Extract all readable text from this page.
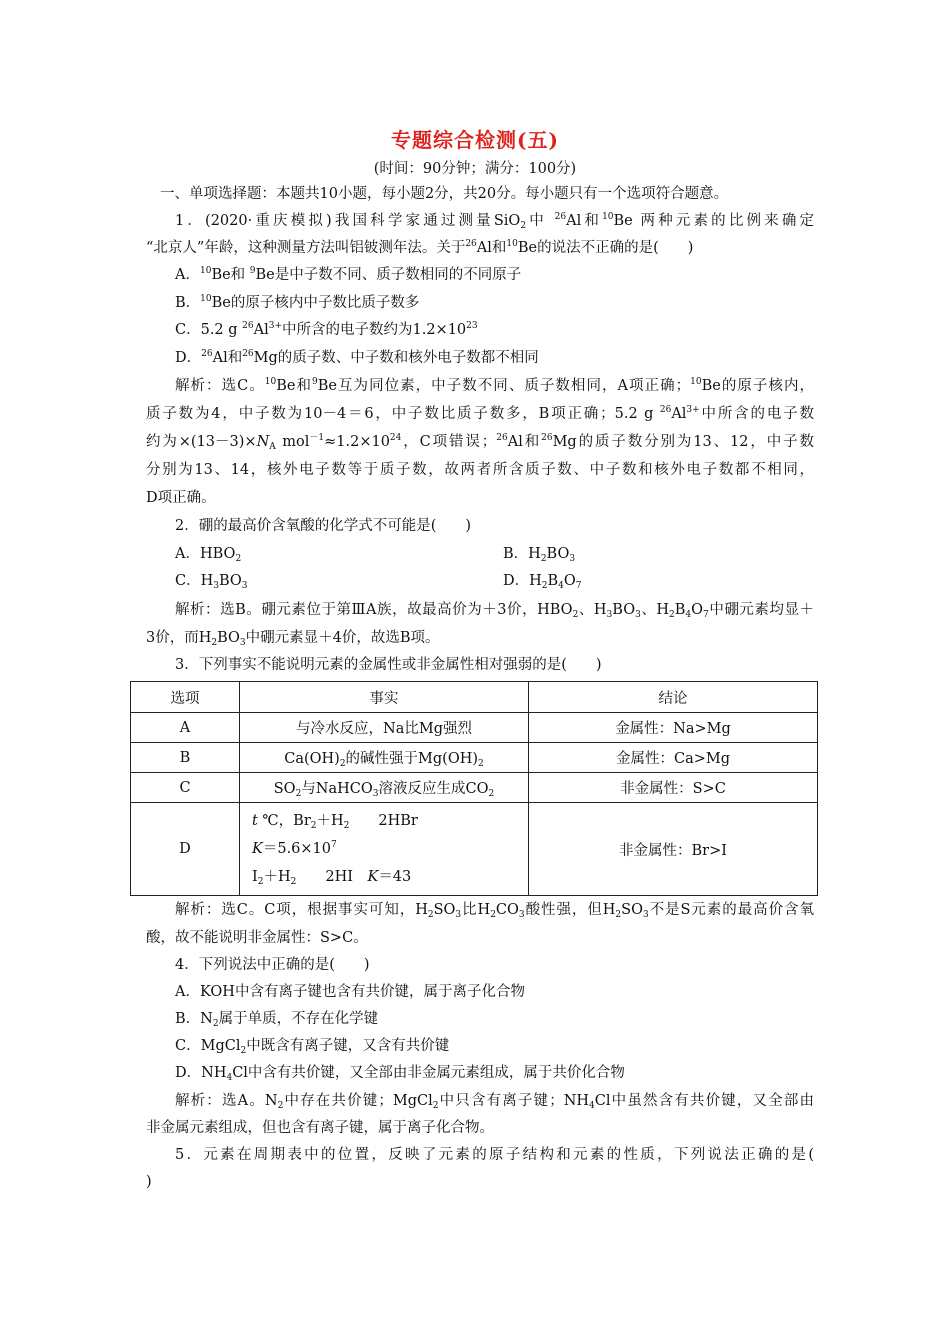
专题综合检测(五)
(时间：90分钟；满分：100分)
一、单项选择题：本题共10小题，每小题2分，共20分。每小题只有一个选项符合题意。
1．(2020·重庆模拟)我国科学家通过测量SiO$_2$中 $^{26}$Al和$^{10}$Be 两种元素的比例来确定
“北京人”年龄，这种测量方法叫铝铍测年法。关于$^{26}$Al和$^{10}$Be的说法不正确的是(　　)
A．$^{10}$Be和 $^9$Be是中子数不同、质子数相同的不同原子
B．$^{10}$Be的原子核内中子数比质子数多
C．5.2 g $^{26}Al^{3+}$中所含的电子数约为$1.2\times 10^{23}$
D．$^{26}$Al和$^{26}$Mg的质子数、中子数和核外电子数都不相同
解析：选C。$^{10}$Be和$^9$Be互为同位素，中子数不同、质子数相同，A项正确；$^{10}$Be的原子核内，
质子数为4，中子数为10－4＝6，中子数比质子数多，B项正确；5.2 g $^{26}Al^{3+}$中所含的电子数
约为$\times(13-3)\times N_A$ $mol^{-1}\approx 1.2\times 10^{24}$，C项错误；$^{26}$Al和$^{26}$Mg的质子数分别为13、12，中子数
分别为13、14，核外电子数等于质子数，故两者所含质子数、中子数和核外电子数都不相同，
D项正确。
2．硼的最高价含氧酸的化学式不可能是(　　)
A．$HBO_2$	B．$H_2BO_3$
C．$H_3BO_3$	D．$H_2B_4O_7$
解析：选B。硼元素位于第ⅢA族，故最高价为＋3价，$HBO_2$、$H_3BO_3$、$H_2B_4O_7$中硼元素均显＋
3价，而$H_2BO_3$中硼元素显＋4价，故选B项。
3．下列事实不能说明元素的金属性或非金属性相对强弱的是(　　)
选项	事实	结论
A	与冷水反应，Na比Mg强烈	金属性：Na>Mg
B	$Ca(OH)_2$的碱性强于$Mg(OH)_2$	金属性：Ca>Mg
C	$SO_2$与NaHCO$_3$溶液反应生成$CO_2$	非金属性：S>C
D	t ℃，$Br_2+H_2$　　2HBr
$K=5.6\times 10^7$
$I_2+H_2$　　2HI　K＝43	非金属性：Br>I
解析：选C。C项，根据事实可知，$H_2SO_3$比$H_2CO_3$酸性强，但$H_2SO_3$不是S元素的最高价含氧
酸，故不能说明非金属性：S>C。
4．下列说法中正确的是(　　)
A．KOH中含有离子键也含有共价键，属于离子化合物
B．$N_2$属于单质，不存在化学键
C．MgCl$_2$中既含有离子键，又含有共价键
D．$NH_4Cl$中含有共价键，又全部由非金属元素组成，属于共价化合物
解析：选A。$N_2$中存在共价键；MgCl$_2$中只含有离子键；$NH_4Cl$中虽然含有共价键，又全部由
非金属元素组成，但也含有离子键，属于离子化合物。
5．元素在周期表中的位置，反映了元素的原子结构和元素的性质，下列说法正确的是(
)
